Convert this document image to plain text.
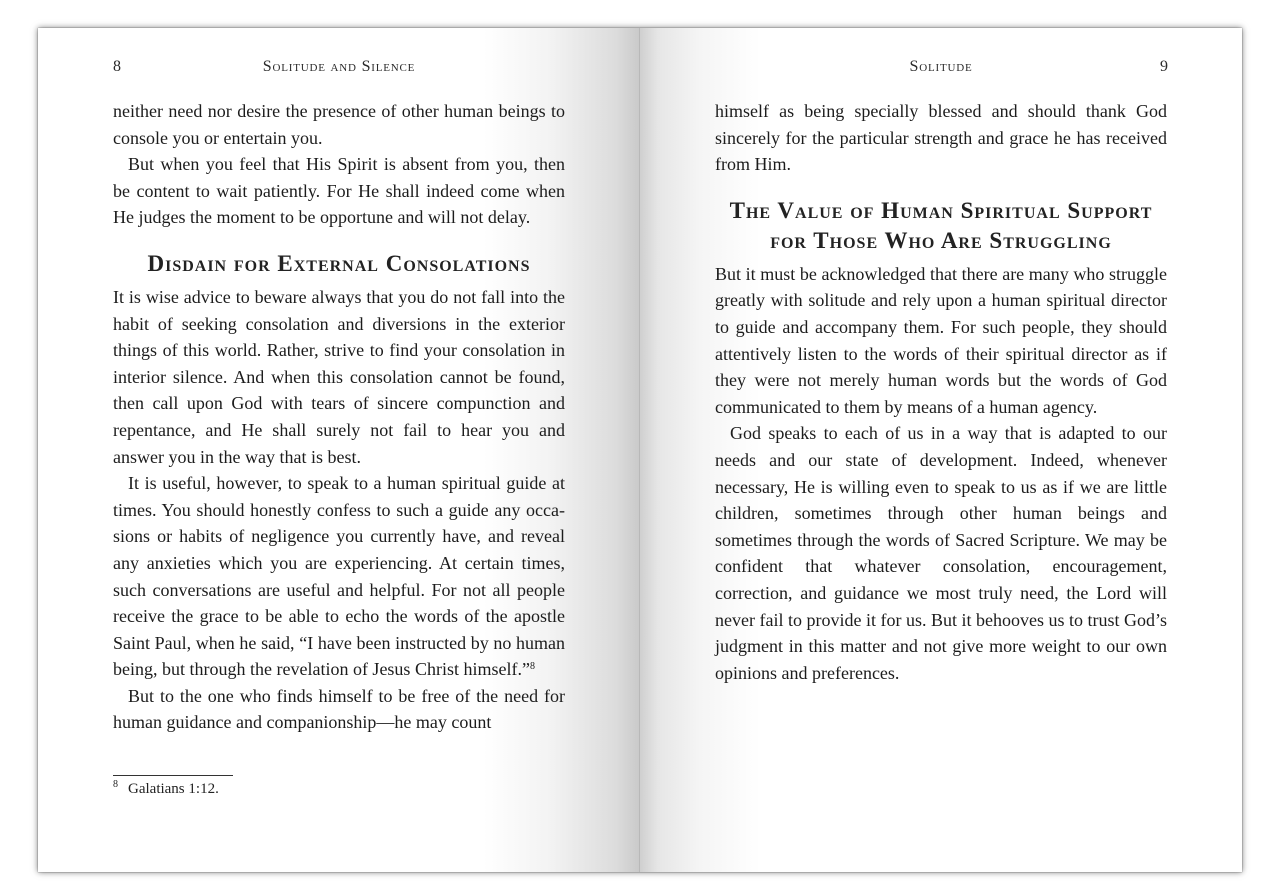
8	Solitude and Silence

neither need nor desire the presence of other human beings to console you or entertain you.

But when you feel that His Spirit is absent from you, then be content to wait patiently. For He shall indeed come when He judges the moment to be opportune and will not delay.

Disdain for External Consolations

It is wise advice to beware always that you do not fall into the habit of seeking consolation and diversions in the exterior things of this world. Rather, strive to find your consolation in interior silence. And when this consolation cannot be found, then call upon God with tears of sincere compunction and repentance, and He shall surely not fail to hear you and answer you in the way that is best.

It is useful, however, to speak to a human spiritual guide at times. You should honestly confess to such a guide any occasions or habits of negligence you currently have, and reveal any anxieties which you are experiencing. At certain times, such conversations are useful and helpful. For not all people receive the grace to be able to echo the words of the apostle Saint Paul, when he said, “I have been instructed by no human being, but through the revelation of Jesus Christ himself.”$^8$

But to the one who finds himself to be free of the need for human guidance and companionship—he may count

$^8$ Galatians 1:12.
Solitude	9

himself as being specially blessed and should thank God sincerely for the particular strength and grace he has received from Him.

The Value of Human Spiritual Support
for Those Who Are Struggling

But it must be acknowledged that there are many who struggle greatly with solitude and rely upon a human spiritual director to guide and accompany them. For such people, they should attentively listen to the words of their spiritual director as if they were not merely human words but the words of God communicated to them by means of a human agency.

God speaks to each of us in a way that is adapted to our needs and our state of development. Indeed, whenever necessary, He is willing even to speak to us as if we are little children, sometimes through other human beings and sometimes through the words of Sacred Scripture. We may be confident that whatever consolation, encouragement, correction, and guidance we most truly need, the Lord will never fail to provide it for us. But it behooves us to trust God’s judgment in this matter and not give more weight to our own opinions and preferences.
